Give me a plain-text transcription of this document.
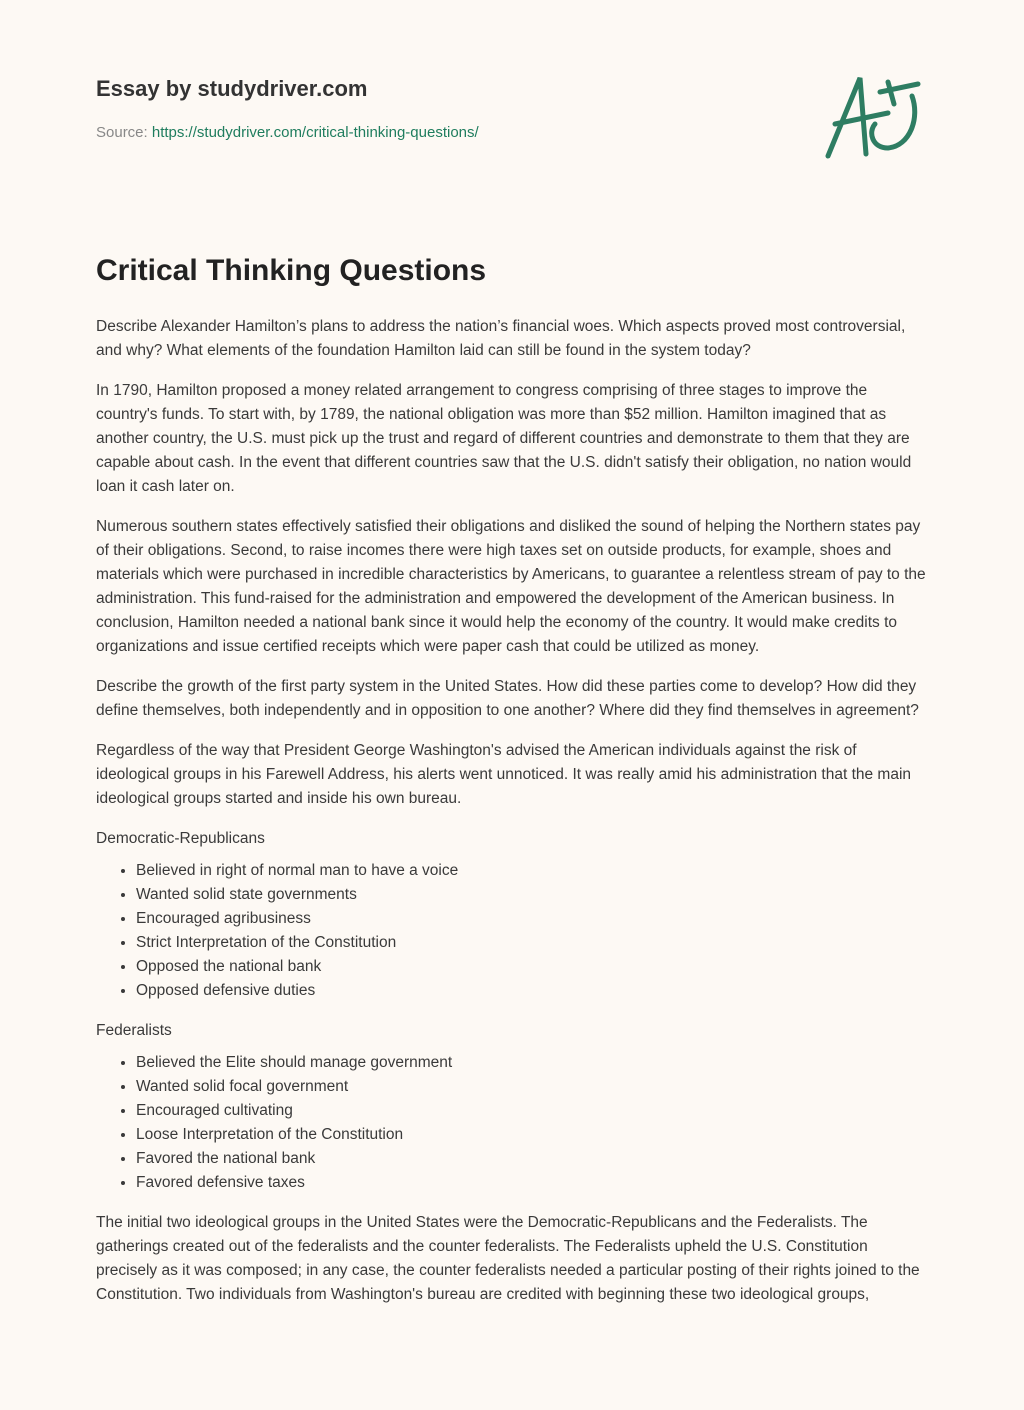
Essay by studydriver.com
Source: https://studydriver.com/critical-thinking-questions/
Critical Thinking Questions

Describe Alexander Hamilton’s plans to address the nation’s financial woes. Which aspects proved most controversial, and why? What elements of the foundation Hamilton laid can still be found in the system today?

In 1790, Hamilton proposed a money related arrangement to congress comprising of three stages to improve the country's funds. To start with, by 1789, the national obligation was more than $52 million. Hamilton imagined that as another country, the U.S. must pick up the trust and regard of different countries and demonstrate to them that they are capable about cash. In the event that different countries saw that the U.S. didn't satisfy their obligation, no nation would loan it cash later on.

Numerous southern states effectively satisfied their obligations and disliked the sound of helping the Northern states pay of their obligations. Second, to raise incomes there were high taxes set on outside products, for example, shoes and materials which were purchased in incredible characteristics by Americans, to guarantee a relentless stream of pay to the administration. This fund-raised for the administration and empowered the development of the American business. In conclusion, Hamilton needed a national bank since it would help the economy of the country. It would make credits to organizations and issue certified receipts which were paper cash that could be utilized as money.

Describe the growth of the first party system in the United States. How did these parties come to develop? How did they define themselves, both independently and in opposition to one another? Where did they find themselves in agreement?

Regardless of the way that President George Washington's advised the American individuals against the risk of ideological groups in his Farewell Address, his alerts went unnoticed. It was really amid his administration that the main ideological groups started and inside his own bureau.

Democratic-Republicans

• Believed in right of normal man to have a voice
• Wanted solid state governments
• Encouraged agribusiness
• Strict Interpretation of the Constitution
• Opposed the national bank
• Opposed defensive duties

Federalists

• Believed the Elite should manage government
• Wanted solid focal government
• Encouraged cultivating
• Loose Interpretation of the Constitution
• Favored the national bank
• Favored defensive taxes

The initial two ideological groups in the United States were the Democratic-Republicans and the Federalists. The gatherings created out of the federalists and the counter federalists. The Federalists upheld the U.S. Constitution precisely as it was composed; in any case, the counter federalists needed a particular posting of their rights joined to the Constitution. Two individuals from Washington's bureau are credited with beginning these two ideological groups,
